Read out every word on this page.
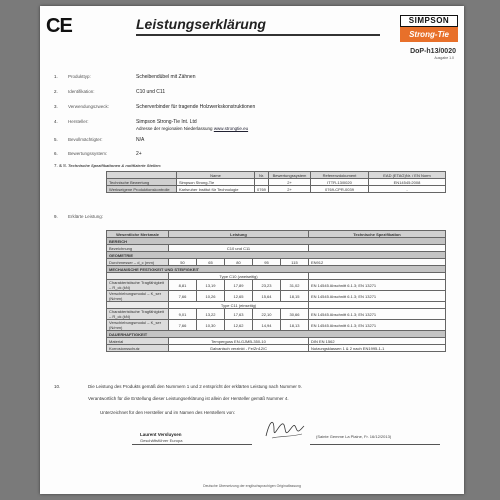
CE	Leistungserklärung	SIMPSON
Strong-Tie
DoP-h13/0020
Ausgabe 1.0
1. Produkttyp:	Scheibendübel mit Zähnen
2. Identifikation:	C10 und C11
3. Verwendungszweck:	Scherverbinder für tragende Holzwerkskonstruktionen
4. Hersteller:	Simpson Strong-Tie Int. Ltd
Adresse der regionalen Niederlassung www.strongtie.eu
5. Bevollmächtigter:	N/A
6. Bewertungssystem:	2+
7. & 8. Technische Spezifikationen & notifizierte Stellen:
	Name	Nr.	Bewertungssystem	Referenzdokument	EAD (ETAG)Nr. / EN Norm
Technische Bewertung	Simpson Strong-Tie		2+	ITTR-13/0020	EN14545:2008
Werkseigene Produktionskontrolle	Karlsruher Institut für Technologie	0769	2+	0769-CPR-0039	-
9. Erklärte Leistung:
Wesentliche Merkmale	Leistung					Technische Spezifikation
BEREICH						
Bezeichnung	C10 und C11					
GEOMETRIE						
Durchmesser – d_c (mm)	50	65	80	95	115	EN912
MECHANISCHE FESTIGKEIT UND STEIFIGKEIT						
	Type C10 (zweiseitig)					
Charakteristische Tragfähigkeit – R_ck (kN)	8,81	13,19	17,89	23,23	31,02	EN 14545 Abschnitt 6.1.3; EN 13271
Verschiebungsmodul – K_ser (N/mm)	7,66	10,26	12,65	15,64	18,15	EN 14545 Abschnitt 6.1.3; EN 13271
	Type C11 (einseitig)					
Charakteristische Tragfähigkeit – R_ck (kN)	9,01	13,22	17,63	22,10	30,66	EN 14545 Abschnitt 6.1.3; EN 13271
Verschiebungsmodul – K_ser (N/mm)	7,66	10,30	12,62	14,94	18,13	EN 14545 Abschnitt 6.1.3; EN 13271
DAUERHAFTIGKEIT						
Material	Temperguss EN-GJMB-350-10					DIN EN 1562
Korrosionsschutz	Galvanisch verzinkt - Fe/Zn12/C					Nutzungsklassen 1 & 2 nach EN1995-1-1
10.	Die Leistung des Produkts gemäß den Nummern 1 und 2 entspricht der erklärten Leistung nach Nummer 9.
Verantwortlich für die Erstellung dieser Leistungserklärung ist allein der Hersteller gemäß Nummer 4.
Unterzeichnet für den Hersteller und im Namen des Herstellers von:
Laurent Versluysen
Geschäftsführer Europa
(Sainte Gemme La Plaine, Fr. 16/12/2013)
Deutsche Übersetzung der englischsprachigen Originalfassung
